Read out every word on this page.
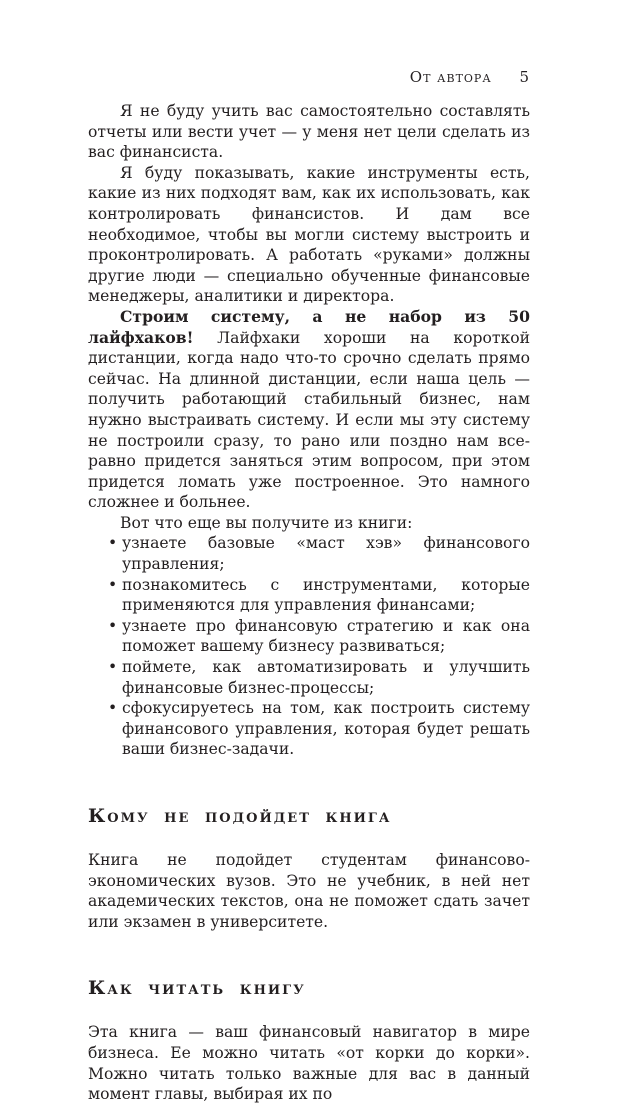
От автора 5

Я не буду учить вас самостоятельно составлять отчеты или вести учет — у меня нет цели сделать из вас финансиста.

Я буду показывать, какие инструменты есть, какие из них подходят вам, как их использовать, как контролировать финансистов. И дам все необходимое, чтобы вы могли систему выстроить и проконтролировать. А работать «руками» должны другие люди — специально обученные финансовые менеджеры, аналитики и директора.

Строим систему, а не набор из 50 лайфхаков! Лайфхаки хороши на короткой дистанции, когда надо что-то срочно сделать прямо сейчас. На длинной дистанции, если наша цель — получить работающий стабильный бизнес, нам нужно выстраивать систему. И если мы эту систему не построили сразу, то рано или поздно нам все-равно придется заняться этим вопросом, при этом придется ломать уже построенное. Это намного сложнее и больнее.

Вот что еще вы получите из книги:

• узнаете базовые «маст хэв» финансового управления;
• познакомитесь с инструментами, которые применяются для управления финансами;
• узнаете про финансовую стратегию и как она поможет вашему бизнесу развиваться;
• поймете, как автоматизировать и улучшить финансовые бизнес-процессы;
• сфокусируетесь на том, как построить систему финансового управления, которая будет решать ваши бизнес-задачи.
Кому не подойдет книга

Книга не подойдет студентам финансово-экономических вузов. Это не учебник, в ней нет академических текстов, она не поможет сдать зачет или экзамен в университете.

Как читать книгу

Эта книга — ваш финансовый навигатор в мире бизнеса. Ее можно читать «от корки до корки». Можно читать только важные для вас в данный момент главы, выбирая их по
